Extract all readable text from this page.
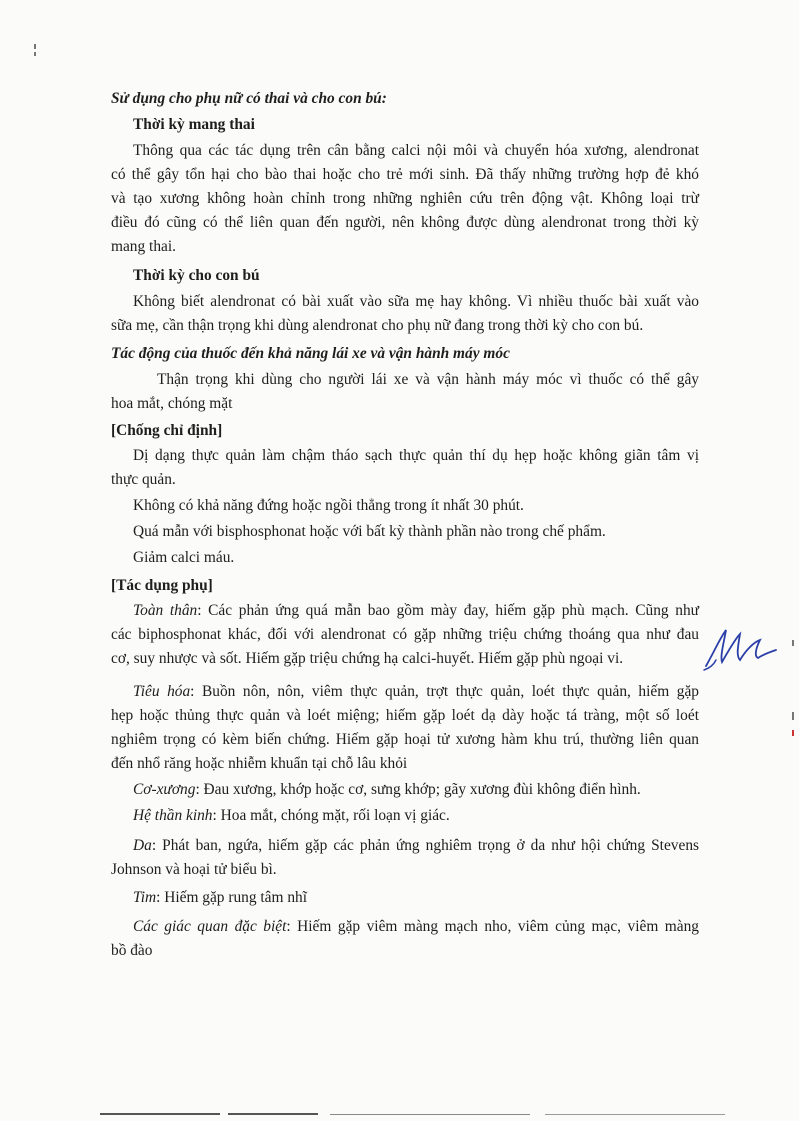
Sử dụng cho phụ nữ có thai và cho con bú:
Thời kỳ mang thai
Thông qua các tác dụng trên cân bằng calci nội môi và chuyển hóa xương, alendronat
có thể gây tổn hại cho bào thai hoặc cho trẻ mới sinh. Đã thấy những trường hợp đẻ khó
và tạo xương không hoàn chỉnh trong những nghiên cứu trên động vật. Không loại trừ
điều đó cũng có thể liên quan đến người, nên không được dùng alendronat trong thời kỳ
mang thai.
Thời kỳ cho con bú
Không biết alendronat có bài xuất vào sữa mẹ hay không. Vì nhiều thuốc bài xuất vào
sữa mẹ, cần thận trọng khi dùng alendronat cho phụ nữ đang trong thời kỳ cho con bú.
Tác động của thuốc đến khả năng lái xe và vận hành máy móc
Thận trọng khi dùng cho người lái xe và vận hành máy móc vì thuốc có thể gây
hoa mắt, chóng mặt
[Chống chỉ định]
Dị dạng thực quản làm chậm tháo sạch thực quản thí dụ hẹp hoặc không giãn tâm vị
thực quản.
Không có khả năng đứng hoặc ngồi thẳng trong ít nhất 30 phút.
Quá mẫn với bisphosphonat hoặc với bất kỳ thành phần nào trong chế phẩm.
Giảm calci máu.
[Tác dụng phụ]
Toàn thân: Các phản ứng quá mẫn bao gồm mày đay, hiếm gặp phù mạch. Cũng như
các biphosphonat khác, đối với alendronat có gặp những triệu chứng thoáng qua như đau
cơ, suy nhược và sốt. Hiếm gặp triệu chứng hạ calci-huyết. Hiếm gặp phù ngoại vi.
Tiêu hóa: Buồn nôn, nôn, viêm thực quản, trợt thực quản, loét thực quản, hiếm gặp
hẹp hoặc thủng thực quản và loét miệng; hiếm gặp loét dạ dày hoặc tá tràng, một số loét
nghiêm trọng có kèm biến chứng. Hiếm gặp hoại tử xương hàm khu trú, thường liên quan
đến nhổ răng hoặc nhiễm khuẩn tại chỗ lâu khỏi
Cơ-xương: Đau xương, khớp hoặc cơ, sưng khớp; gãy xương đùi không điển hình.
Hệ thần kinh: Hoa mắt, chóng mặt, rối loạn vị giác.
Da: Phát ban, ngứa, hiếm gặp các phản ứng nghiêm trọng ở da như hội chứng Stevens
Johnson và hoại tử biểu bì.
Tim: Hiếm gặp rung tâm nhĩ
Các giác quan đặc biệt: Hiếm gặp viêm màng mạch nho, viêm củng mạc, viêm màng
bồ đào
